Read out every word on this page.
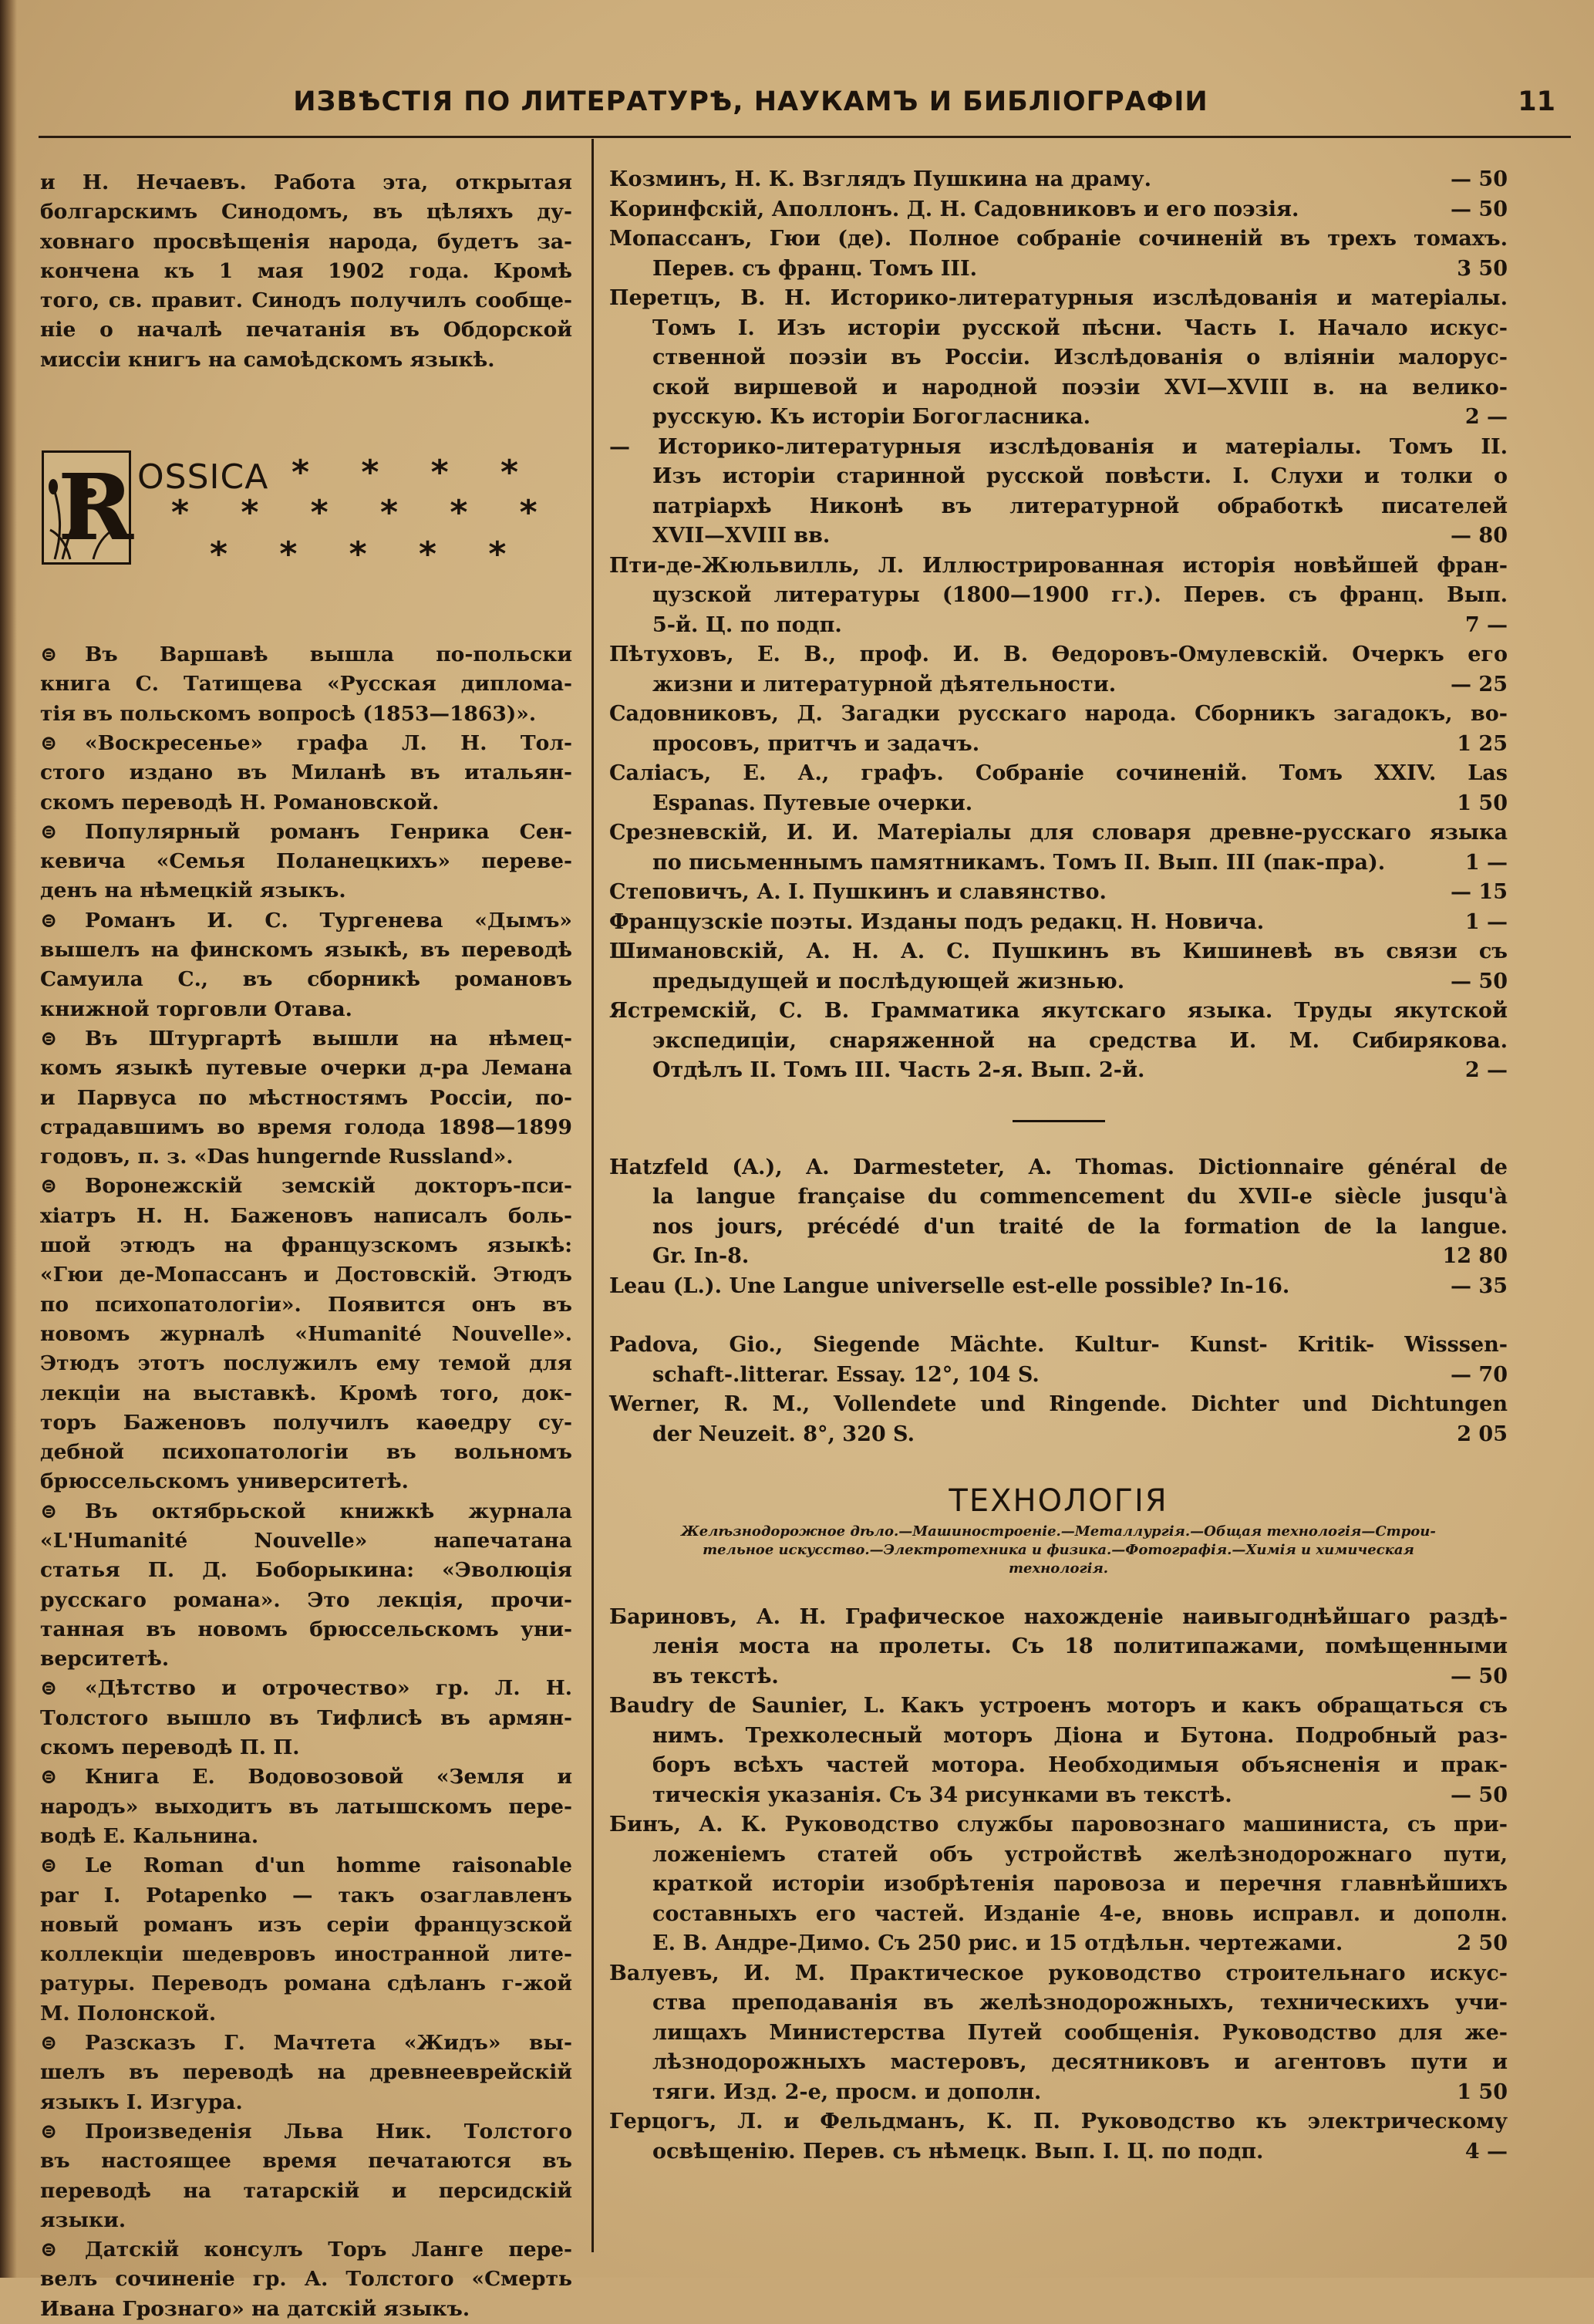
ИЗВѢСТІЯ ПО ЛИТЕРАТУРѢ, НАУКАМЪ И БИБЛІОГРАФІИ	11
и Н. Нечаевъ. Работа эта, открытая
болгарскимъ Синодомъ, въ цѣляхъ ду-
ховнаго просвѣщенія народа, будетъ за-
кончена къ 1 мая 1902 года. Кромѣ
того, св. правит. Синодъ получилъ сообще-
ніе о началѣ печатанія въ Обдорской
миссіи книгъ на самоѣдскомъ языкѣ.
R OSSICA * * * *
* * * * * *
* * * * *
⊜	Въ Варшавѣ вышла по-польски
книга С. Татищева «Русская диплома-
тія въ польскомъ вопросѣ (1853—1863)».
⊜	«Воскресенье» графа Л. Н. Тол-
стого издано въ Миланѣ въ итальян-
скомъ переводѣ Н. Романовской.
⊜	Популярный романъ Генрика Сен-
кевича «Семья Поланецкихъ» переве-
денъ на нѣмецкій языкъ.
⊜	Романъ И. С. Тургенева «Дымъ»
вышелъ на финскомъ языкѣ, въ переводѣ
Самуила С., въ сборникѣ романовъ
книжной торговли Отава.
⊜	Въ Штургартѣ вышли на нѣмец-
комъ языкѣ путевые очерки д-ра Лемана
и Парвуса по мѣстностямъ Россіи, по-
страдавшимъ во время голода 1898—1899
годовъ, п. з. «Das hungernde Russland».
⊜	Воронежскій земскій докторъ-пси-
хіатръ Н. Н. Баженовъ написалъ боль-
шой этюдъ на французскомъ языкѣ:
«Гюи де-Мопассанъ и Достовскій. Этюдъ
по психопатологіи». Появится онъ въ
новомъ журналѣ «Humanité Nouvelle».
Этюдъ этотъ послужилъ ему темой для
лекціи на выставкѣ. Кромѣ того, док-
торъ Баженовъ получилъ каѳедру су-
дебной психопатологіи въ вольномъ
брюссельскомъ университетѣ.
⊜	Въ октябрьской книжкѣ журнала
«L'Humanité Nouvelle» напечатана
статья П. Д. Боборыкина: «Эволюція
русскаго романа». Это лекція, прочи-
танная въ новомъ брюссельскомъ уни-
верситетѣ.
⊜	«Дѣтство и отрочество» гр. Л. Н.
Толстого вышло въ Тифлисѣ въ армян-
скомъ переводѣ П. П.
⊜	Книга Е. Водовозовой «Земля и
народъ» выходитъ въ латышскомъ пере-
водѣ Е. Кальнина.
⊜	Le Roman d'un homme raisonable
par I. Potapenko — такъ озаглавленъ
новый романъ изъ серіи французской
коллекціи шедевровъ иностранной лите-
ратуры. Переводъ романа сдѣланъ г-жой
М. Полонской.
⊜	Разсказъ Г. Мачтета «Жидъ» вы-
шелъ въ переводѣ на древнееврейскій
языкъ І. Изгура.
⊜	Произведенія Льва Ник. Толстого
въ настоящее время печатаются въ
переводѣ на татарскій и персидскій
языки.
⊜	Датскій консулъ Торъ Ланге пере-
велъ сочиненіе гр. А. Толстого «Смерть
Ивана Грознаго» на датскій языкъ.
Козминъ, Н. К. Взглядъ Пушкина на драму.	— 50
Коринфскій, Аполлонъ. Д. Н. Садовниковъ и его поэзія.	— 50
Мопассанъ, Гюи (де). Полное собраніе сочиненій въ трехъ томахъ.
Перев. съ франц. Томъ III.	3 50
Перетцъ, В. Н. Историко-литературныя изслѣдованія и матеріалы.
Томъ I. Изъ исторіи русской пѣсни. Часть I. Начало искус-
ственной поэзіи въ Россіи. Изслѣдованія о вліяніи малорус-
ской виршевой и народной поэзіи XVI—XVIII в. на велико-
русскую. Къ исторіи Богогласника.	2 —
— Историко-литературныя изслѣдованія и матеріалы. Томъ II.
Изъ исторіи старинной русской повѣсти. I. Слухи и толки о
патріархѣ Никонѣ въ литературной обработкѣ писателей
XVII—XVIII вв.	— 80
Пти-де-Жюльвилль, Л. Иллюстрированная исторія новѣйшей фран-
цузской литературы (1800—1900 гг.). Перев. съ франц. Вып.
5-й. Ц. по подп.	7 —
Пѣтуховъ, Е. В., проф. И. В. Ѳедоровъ-Омулевскій. Очеркъ его
жизни и литературной дѣятельности.	— 25
Садовниковъ, Д. Загадки русскаго народа. Сборникъ загадокъ, во-
просовъ, притчъ и задачъ.	1 25
Саліасъ, Е. А., графъ. Собраніе сочиненій. Томъ XXIV. Las
Espanas. Путевые очерки.	1 50
Срезневскій, И. И. Матеріалы для словаря древне-русскаго языка
по письменнымъ памятникамъ. Томъ II. Вып. III (пак-пра).	1 —
Степовичъ, А. І. Пушкинъ и славянство.	— 15
Французскіе поэты. Изданы подъ редакц. Н. Новича.	1 —
Шимановскій, А. Н. А. С. Пушкинъ въ Кишиневѣ въ связи съ
предыдущей и послѣдующей жизнью.	— 50
Ястремскій, С. В. Грамматика якутскаго языка. Труды якутской
экспедиціи, снаряженной на средства И. М. Сибирякова.
Отдѣлъ II. Томъ III. Часть 2-я. Вып. 2-й.	2 —
Hatzfeld (A.), A. Darmesteter, A. Thomas. Dictionnaire général de
la langue française du commencement du XVII-e siècle jusqu'à
nos jours, précédé d'un traité de la formation de la langue.
Gr. In-8.	12 80
Leau (L.). Une Langue universelle est-elle possible? In-16.	— 35
Padova, Gio., Siegende Mächte. Kultur- Kunst- Kritik- Wisssen-
schaft-.litterar. Essay. 12°, 104 S.	— 70
Werner, R. M., Vollendete und Ringende. Dichter und Dichtungen
der Neuzeit. 8°, 320 S.	2 05
ТЕХНОЛОГІЯ
Желѣзнодорожное дѣло.—Машиностроеніе.—Металлургія.—Общая технологія—Строи-
тельное искусство.—Электротехника и физика.—Фотографія.—Химія и химическая
технологія.
Бариновъ, А. Н. Графическое нахожденіе наивыгоднѣйшаго раздѣ-
ленія моста на пролеты. Съ 18 политипажами, помѣщенными
въ текстѣ.	— 50
Baudry de Saunier, L. Какъ устроенъ моторъ и какъ обращаться съ
нимъ. Трехколесный моторъ Діона и Бутона. Подробный раз-
боръ всѣхъ частей мотора. Необходимыя объясненія и прак-
тическія указанія. Съ 34 рисунками въ текстѣ.	— 50
Бинъ, А. К. Руководство службы паровознаго машиниста, съ при-
ложеніемъ статей объ устройствѣ желѣзнодорожнаго пути,
краткой исторіи изобрѣтенія паровоза и перечня главнѣйшихъ
составныхъ его частей. Изданіе 4-е, вновь исправл. и дополн.
Е. В. Андре-Димо. Съ 250 рис. и 15 отдѣльн. чертежами.	2 50
Валуевъ, И. М. Практическое руководство строительнаго искус-
ства преподаванія въ желѣзнодорожныхъ, техническихъ учи-
лищахъ Министерства Путей сообщенія. Руководство для же-
лѣзнодорожныхъ мастеровъ, десятниковъ и агентовъ пути и
тяги. Изд. 2-е, просм. и дополн.	1 50
Герцогъ, Л. и Фельдманъ, К. П. Руководство къ электрическому
освѣщенію. Перев. съ нѣмецк. Вып. I. Ц. по подп.	4 —
